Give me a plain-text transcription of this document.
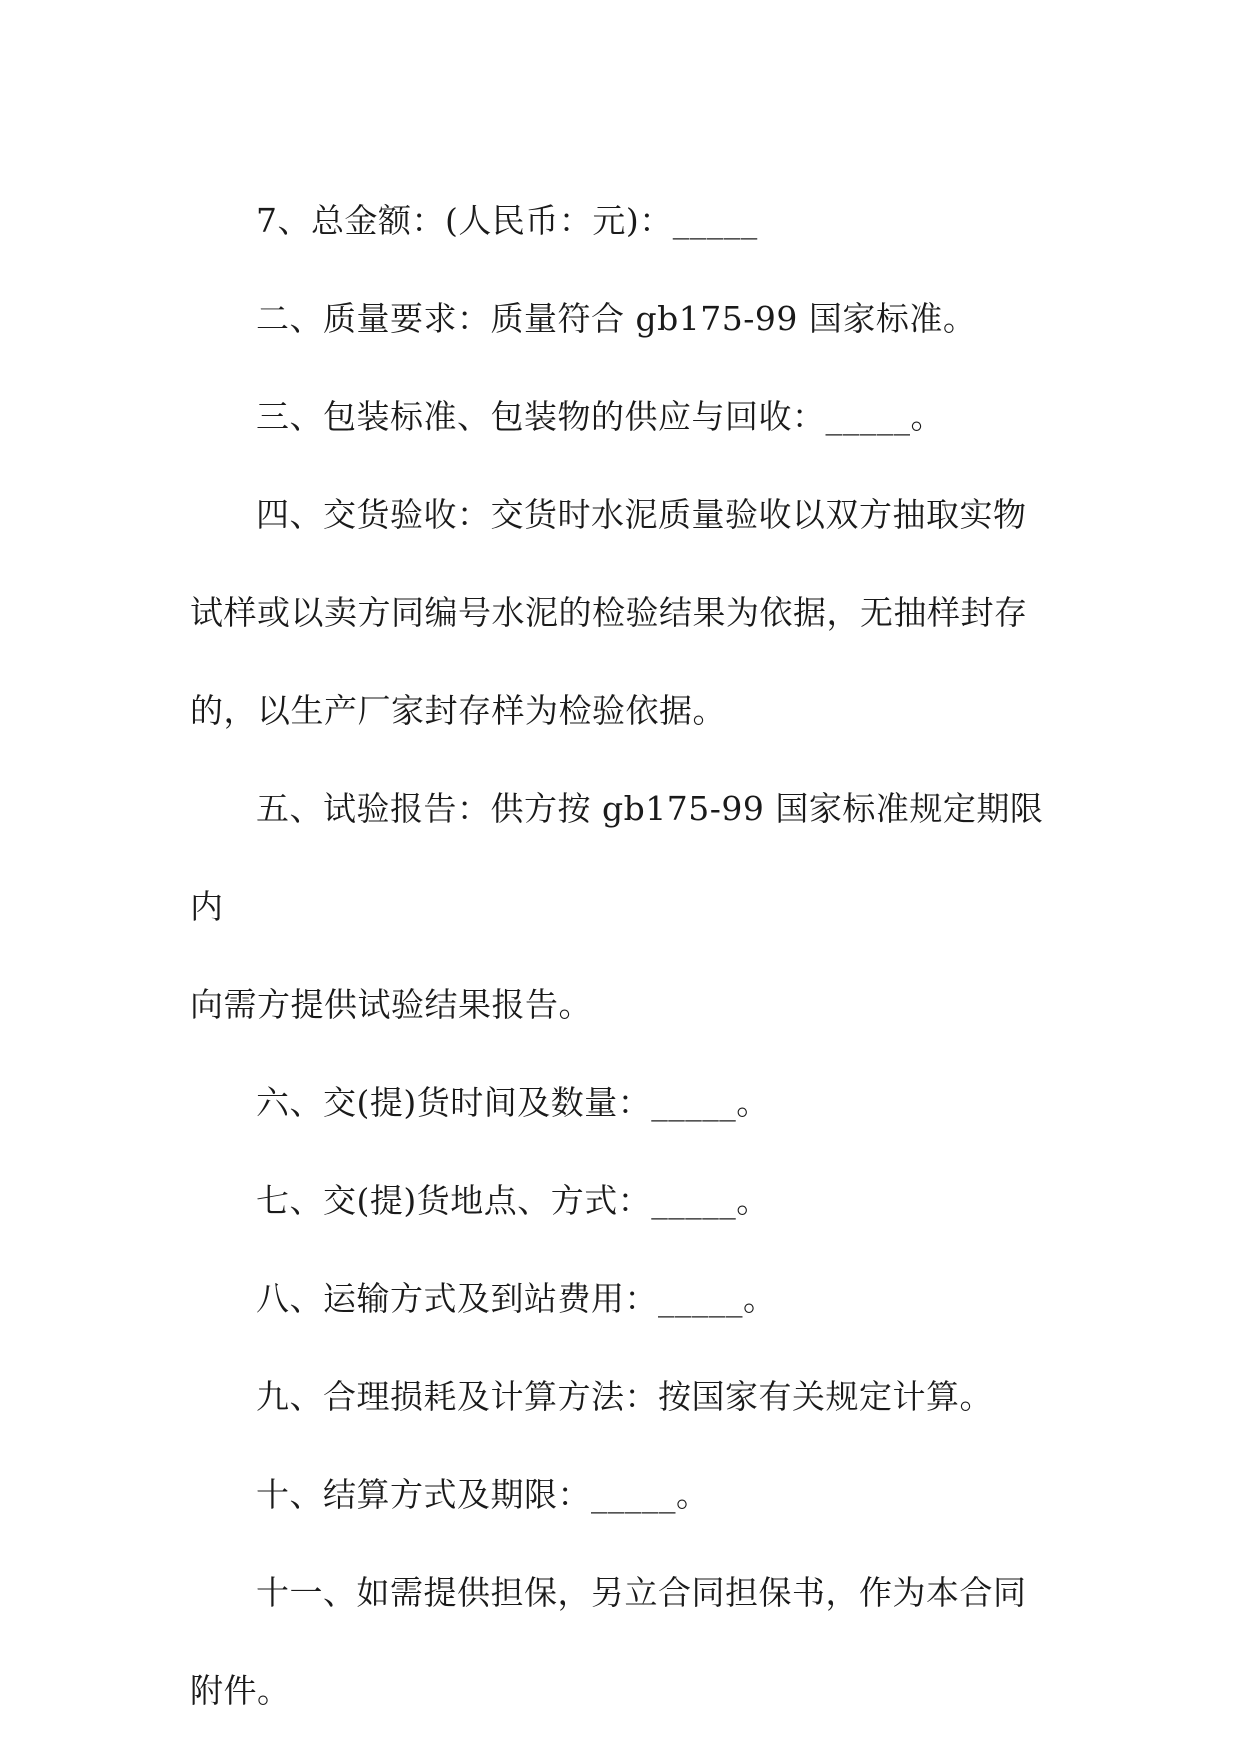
7、总金额：(人民币：元)：_____

二、质量要求：质量符合 gb175-99 国家标准。

三、包装标准、包装物的供应与回收：_____。

四、交货验收：交货时水泥质量验收以双方抽取实物
试样或以卖方同编号水泥的检验结果为依据，无抽样封存
的，以生产厂家封存样为检验依据。

五、试验报告：供方按 gb175-99 国家标准规定期限内
向需方提供试验结果报告。

六、交(提)货时间及数量：_____。

七、交(提)货地点、方式：_____。

八、运输方式及到站费用：_____。

九、合理损耗及计算方法：按国家有关规定计算。

十、结算方式及期限：_____。

十一、如需提供担保，另立合同担保书，作为本合同
附件。
